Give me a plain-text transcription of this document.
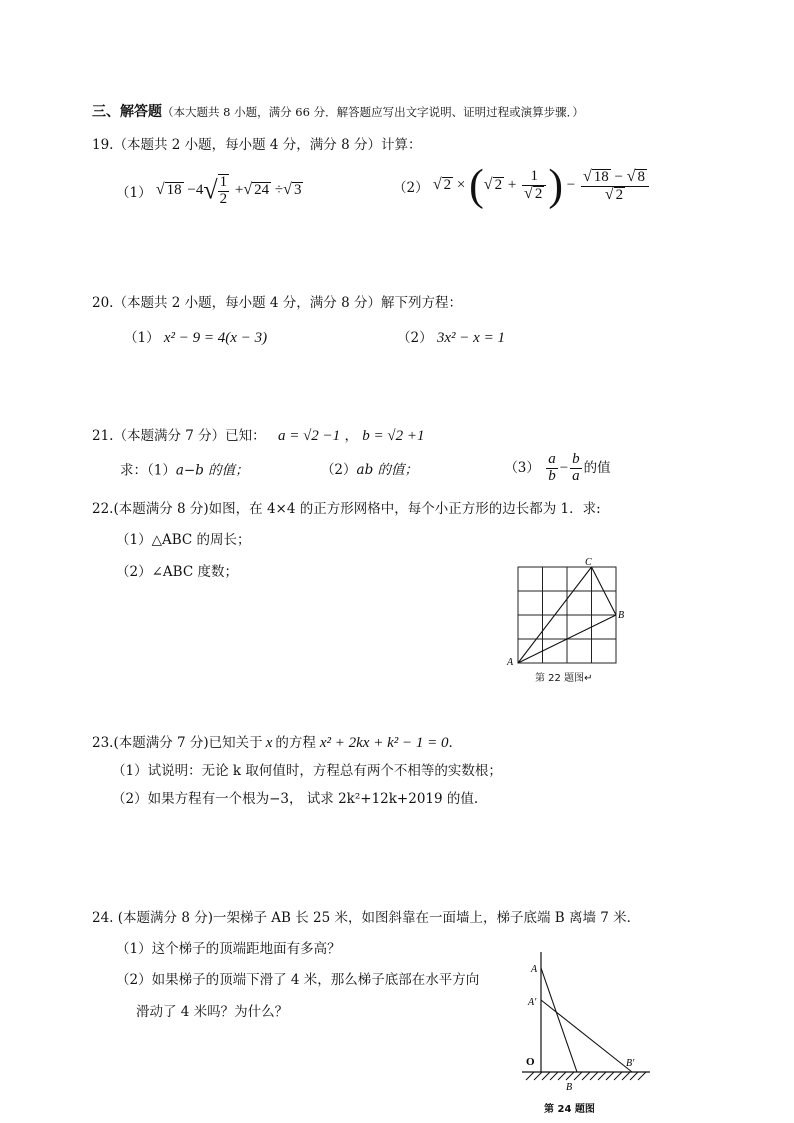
三、解答题（本大题共 8 小题，满分 66 分．解答题应写出文字说明、证明过程或演算步骤．）
19.（本题共 2 小题，每小题 4 分，满分 8 分）计算：
（1） √ $18 -4√ \frac{1}{2}$ +√ 24 ÷√ 3	（2） √ 2 × (√ $2 + \frac{1}{√ 2}$ ) − $\frac{√ 18 - √ 8}{√ 2}$
20.（本题共 2 小题，每小题 4 分，满分 8 分）解下列方程：
（1） x² − 9 = 4(x − 3)	（2） 3x² − x = 1
21.（本题满分 7 分）已知： a = √2 −1 ， b = √2 +1
求：（1）a−b 的值；	（2）ab 的值；	$(3) \frac{a}{b} - \frac{b}{a}$ 的值
22.(本题满分 8 分)如图，在 4×4 的正方形网格中，每个小正方形的边长都为 1．求:
（1）△ABC 的周长；
（2）∠ABC 度数；
A
B
C
第 22 题图↵
23.(本题满分 7 分)已知关于 x 的方程 x² + 2kx + k² − 1 = 0．
（1）试说明：无论 k 取何值时，方程总有两个不相等的实数根；
（2）如果方程有一个根为−3， 试求 2k²+12k+2019 的值.
24. (本题满分 8 分)一架梯子 AB 长 25 米，如图斜靠在一面墙上，梯子底端 B 离墙 7 米．
（1）这个梯子的顶端距地面有多高？
（2）如果梯子的顶端下滑了 4 米，那么梯子底部在水平方向
滑动了 4 米吗？为什么？
A
A′
O
B
B′
第 24 题图
